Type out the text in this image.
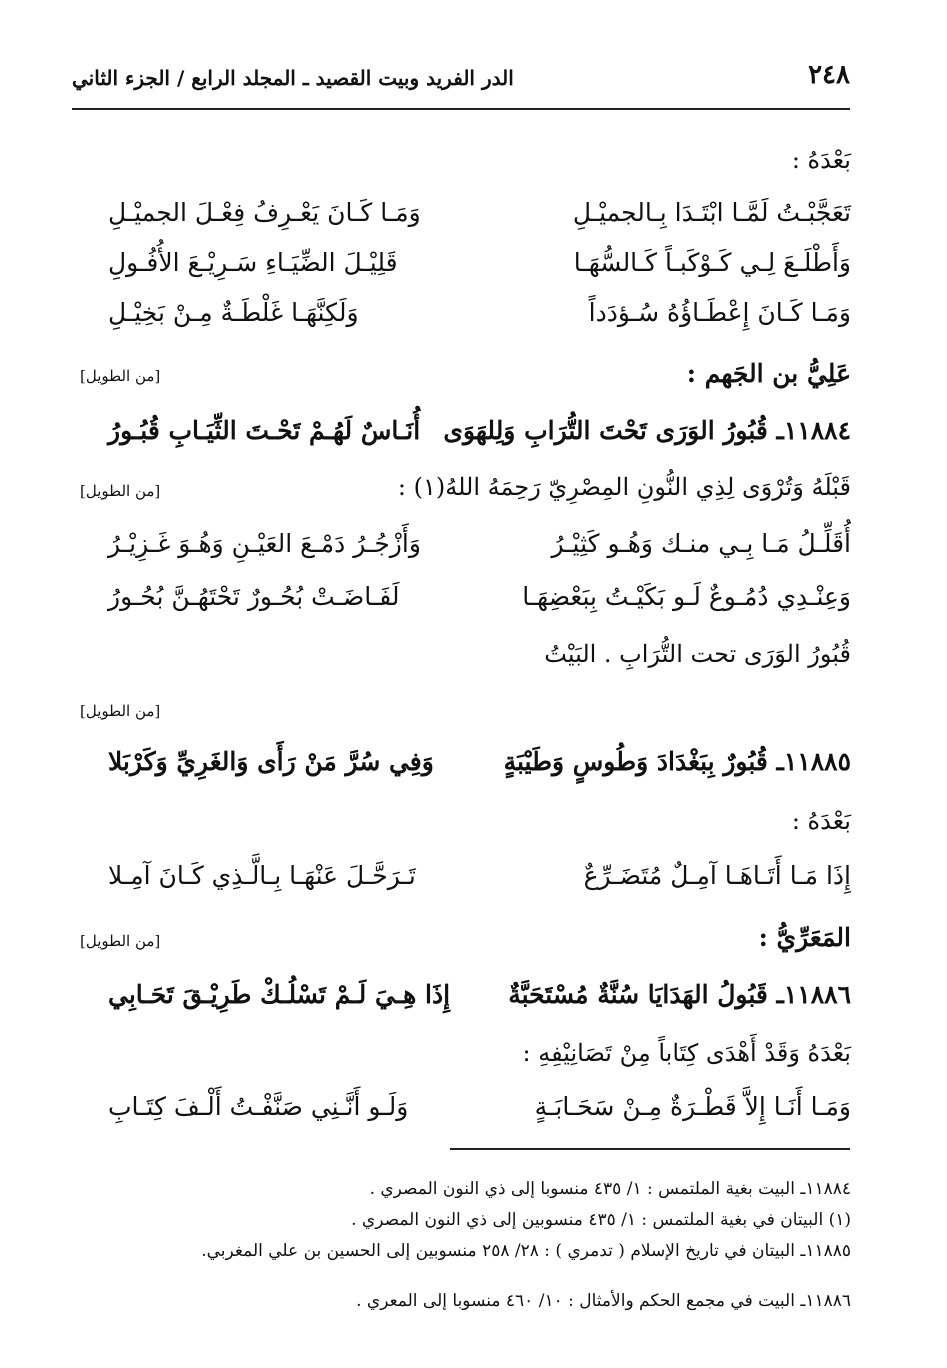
٢٤٨
الدر الفريد وبيت القصيد ـ المجلد الرابع / الجزء الثاني
بَعْدَهُ :
تَعَجَّبْـتُ لَمَّـا ابْتَـدَا بِـالجميْـلِ
وَمَـا كَـانَ يَعْـرِفُ فِعْـلَ الجميْـلِ
وَأَطْلَـعَ لِـي كَـوْكَبـاً كَـالسُّهَـا
قَلِيْـلَ الضِّيَـاءِ سَـرِيْـعَ الأُفُـولِ
وَمَـا كَـانَ إِعْطَـاؤُهُ سُـؤدَداً
وَلَكِنَّهَـا غَلْطَـةٌ مِـنْ بَخِيْـلِ
عَلِيُّ بن الجَهم :
[من الطويل]
١١٨٨٤ـ قُبُورُ الوَرَى تَحْتَ التُّرَابِ وَلِلهَوَى
أُنَـاسٌ لَهُـمْ تَحْـتَ الثِّيَـابِ قُبُـورُ
قَبْلَهُ وَتُرْوَى لِذِي النُّونِ المِصْرِيّ رَحِمَهُ اللهُ(١) :
[من الطويل]
أُقَلِّـلُ مَـا بِـي منـك وَهُـو كَثِيْـرُ
وَأَزْجُـرُ دَمْـعَ العَيْـنِ وَهُـوَ غَـزِيْـرُ
وَعِنْـدِي دُمُـوعٌ لَـو بَكَيْـتُ بِبَعْضِهَـا
لَفَـاضَـتْ بُحُـورٌ تَحْتَهُـنَّ بُحُـورُ
قُبُورُ الوَرَى تحت التُّرَابِ . البَيْتُ
[من الطويل]
١١٨٨٥ـ قُبُورٌ بِبَغْدَادَ وَطُوسٍ وَطَيْبَةٍ
وَفِي سُرَّ مَنْ رَأَى وَالغَرِيِّ وَكَرْبَلا
بَعْدَهُ :
إِذَا مَـا أَتَـاهَـا آمِـلٌ مُتَضَـرِّعٌ
تَـرَحَّـلَ عَنْهَـا بِـالَّـذِي كَـانَ آمِـلا
المَعَرِّيُّ :
[من الطويل]
١١٨٨٦ـ قَبُولُ الهَدَايَا سُنَّةٌ مُسْتَحَبَّةٌ
إِذَا هِـيَ لَـمْ تَسْلُـكْ طَرِيْـقَ تَحَـابِي
بَعْدَهُ وَقَدْ أَهْدَى كِتَاباً مِنْ تَصَانِيْفِهِ :
وَمَـا أَنَـا إِلاَّ قَطْـرَةٌ مِـنْ سَحَـابَـةٍ
وَلَـو أَنَّـنِي صَنَّفْـتُ أَلْـفَ كِتَـابِ
١١٨٨٤ـ البيت بغية الملتمس : ١/ ٤٣٥ منسوبا إلى ذي النون المصري .
(١) البيتان في بغية الملتمس : ١/ ٤٣٥ منسوبين إلى ذي النون المصري .
١١٨٨٥ـ البيتان في تاريخ الإسلام ( تدمري ) : ٢٨/ ٢٥٨ منسوبين إلى الحسين بن علي المغربي.
١١٨٨٦ـ البيت في مجمع الحكم والأمثال : ١٠/ ٤٦٠ منسوبا إلى المعري .
